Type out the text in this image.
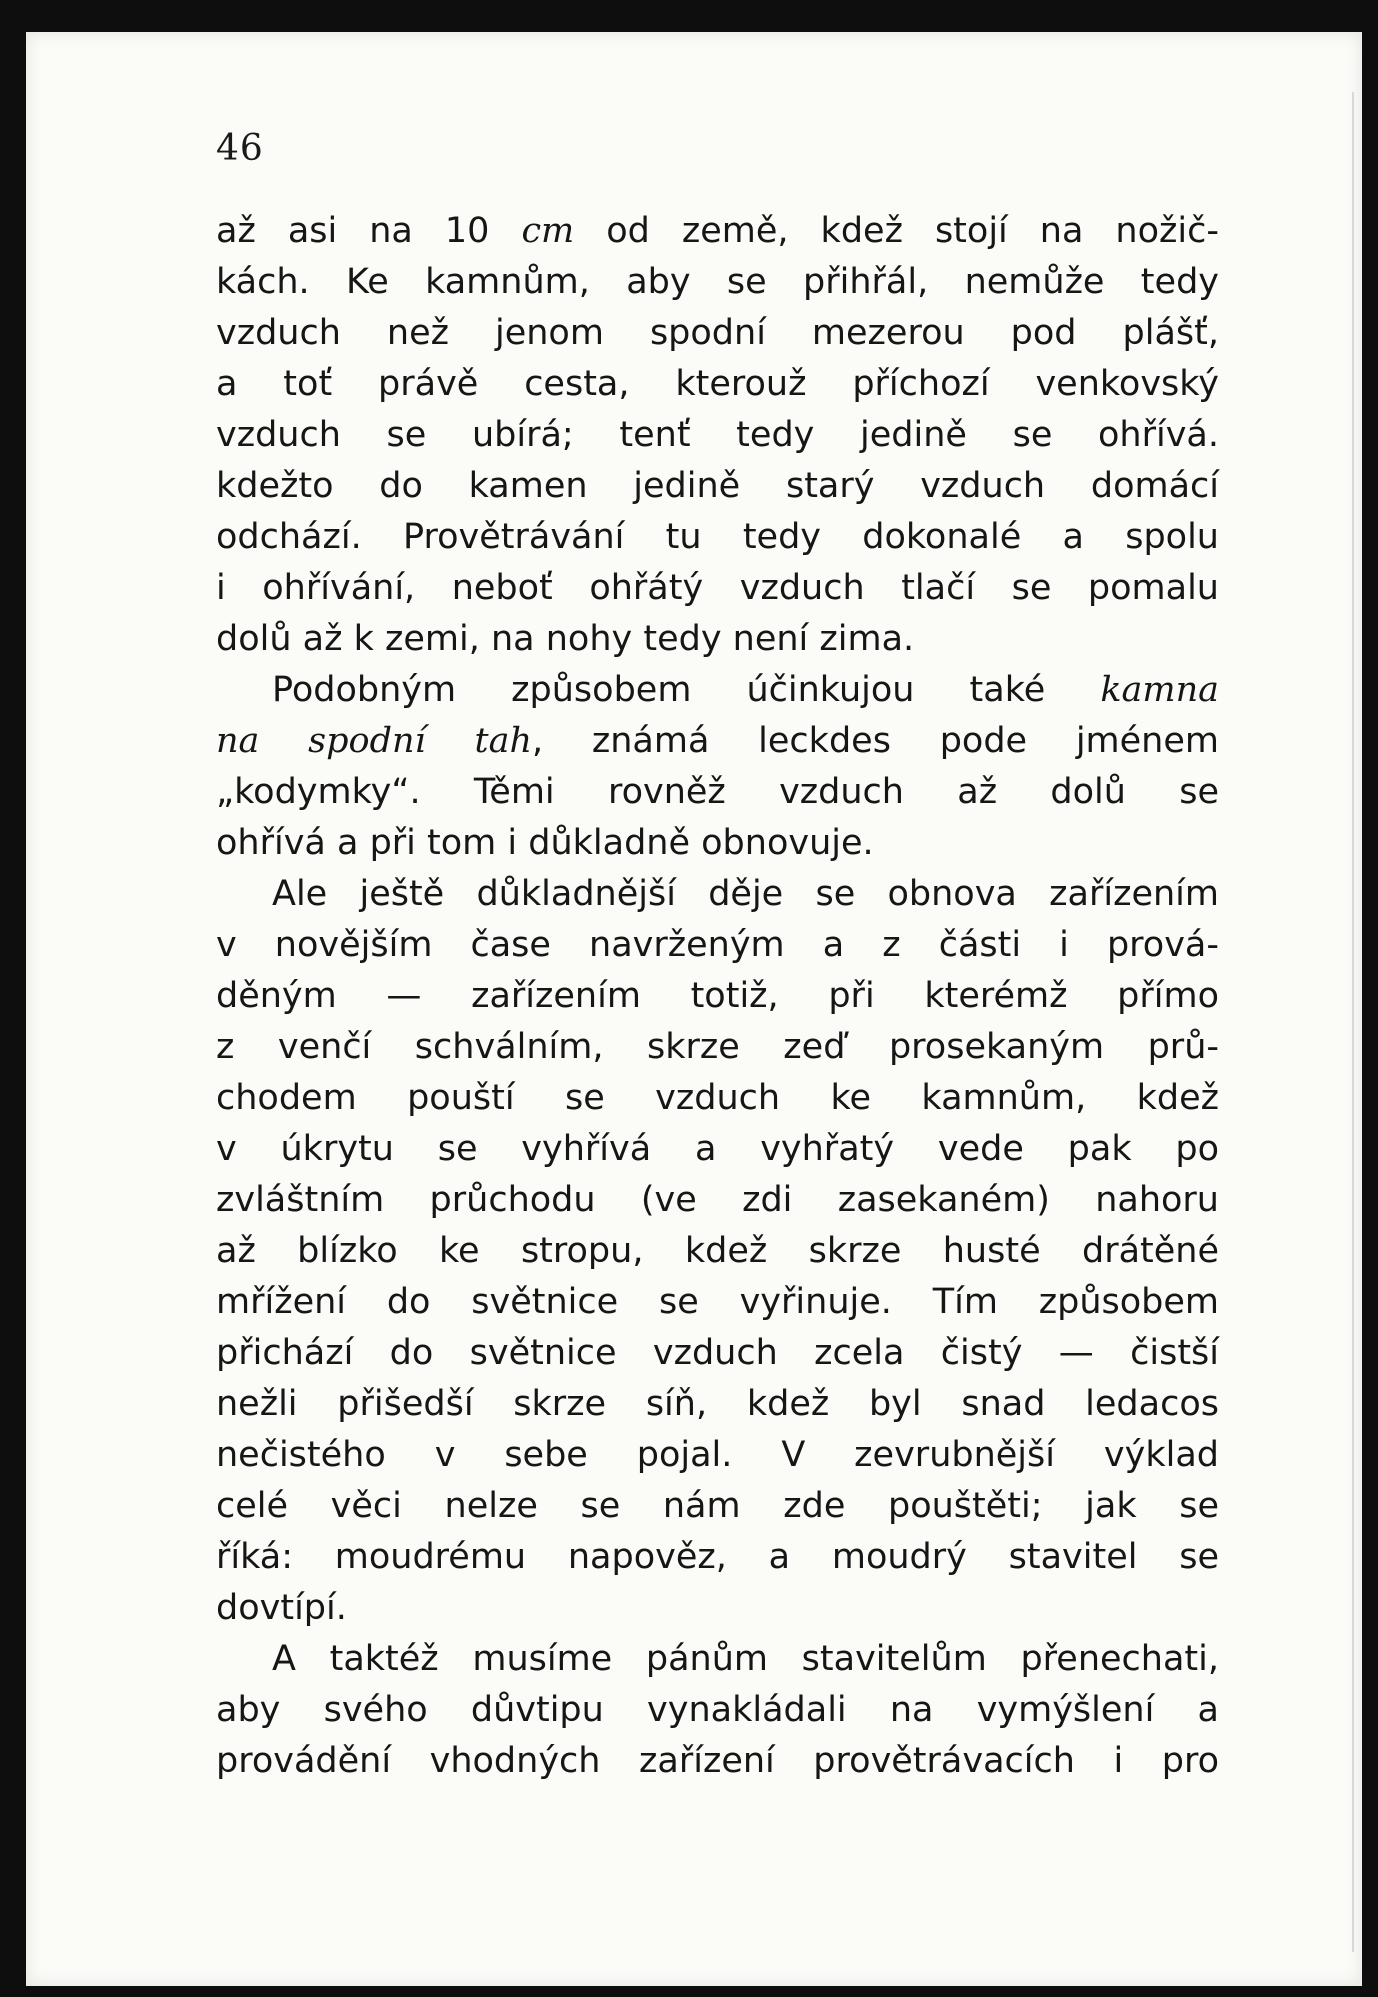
46
až asi na 10 cm od země, kdež stojí na nožič-
kách. Ke kamnům, aby se přihřál, nemůže tedy
vzduch než jenom spodní mezerou pod plášť,
a toť právě cesta, kterouž příchozí venkovský
vzduch se ubírá; tenť tedy jedině se ohřívá.
kdežto do kamen jedině starý vzduch domácí
odchází. Provětrávání tu tedy dokonalé a spolu
i ohřívání, neboť ohřátý vzduch tlačí se pomalu
dolů až k zemi, na nohy tedy není zima.
Podobným způsobem účinkujou také kamna
na spodní tah, známá leckdes pode jménem
„kodymky“. Těmi rovněž vzduch až dolů se
ohřívá a při tom i důkladně obnovuje.
Ale ještě důkladnější děje se obnova zařízením
v novějším čase navrženým a z části i prová-
děným — zařízením totiž, při kterémž přímo
z venčí schválním, skrze zeď prosekaným prů-
chodem pouští se vzduch ke kamnům, kdež
v úkrytu se vyhřívá a vyhřatý vede pak po
zvláštním průchodu (ve zdi zasekaném) nahoru
až blízko ke stropu, kdež skrze husté drátěné
mřížení do světnice se vyřinuje. Tím způsobem
přichází do světnice vzduch zcela čistý — čistší
nežli přišedší skrze síň, kdež byl snad ledacos
nečistého v sebe pojal. V zevrubnější výklad
celé věci nelze se nám zde pouštěti; jak se
říká: moudrému napověz, a moudrý stavitel se
dovtípí.
A taktéž musíme pánům stavitelům přenechati,
aby svého důvtipu vynakládali na vymýšlení a
provádění vhodných zařízení provětrávacích i pro
